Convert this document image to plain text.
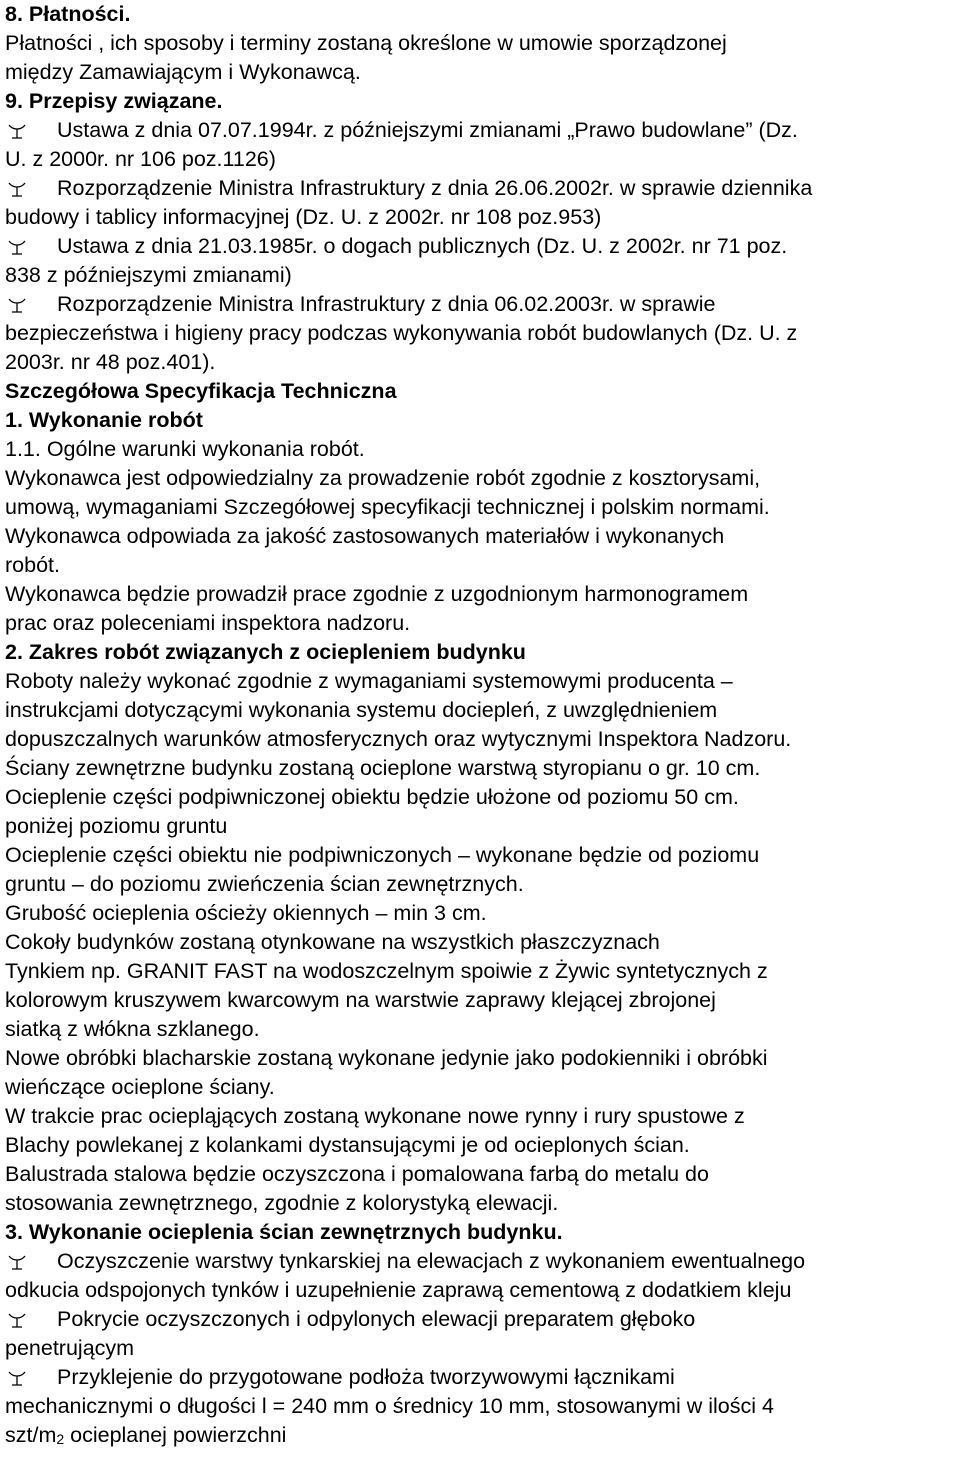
8. Płatności.
Płatności , ich sposoby i terminy zostaną określone w umowie sporządzonej
między Zamawiającym i Wykonawcą.
9. Przepisy związane.
Ustawa z dnia 07.07.1994r. z późniejszymi zmianami „Prawo budowlane” (Dz.
U. z 2000r. nr 106 poz.1126)
Rozporządzenie Ministra Infrastruktury z dnia 26.06.2002r. w sprawie dziennika
budowy i tablicy informacyjnej (Dz. U. z 2002r. nr 108 poz.953)
Ustawa z dnia 21.03.1985r. o dogach publicznych (Dz. U. z 2002r. nr 71 poz.
838 z późniejszymi zmianami)
Rozporządzenie Ministra Infrastruktury z dnia 06.02.2003r. w sprawie
bezpieczeństwa i higieny pracy podczas wykonywania robót budowlanych (Dz. U. z
2003r. nr 48 poz.401).
Szczegółowa Specyfikacja Techniczna
1. Wykonanie robót
1.1. Ogólne warunki wykonania robót.
Wykonawca jest odpowiedzialny za prowadzenie robót zgodnie z kosztorysami,
umową, wymaganiami Szczegółowej specyfikacji technicznej i polskim normami.
Wykonawca odpowiada za jakość zastosowanych materiałów i wykonanych
robót.
Wykonawca będzie prowadził prace zgodnie z uzgodnionym harmonogramem
prac oraz poleceniami inspektora nadzoru.
2. Zakres robót związanych z ociepleniem budynku
Roboty należy wykonać zgodnie z wymaganiami systemowymi producenta –
instrukcjami dotyczącymi wykonania systemu dociepleń, z uwzględnieniem
dopuszczalnych warunków atmosferycznych oraz wytycznymi Inspektora Nadzoru.
Ściany zewnętrzne budynku zostaną ocieplone warstwą styropianu o gr. 10 cm.
Ocieplenie części podpiwniczonej obiektu będzie ułożone od poziomu 50 cm.
poniżej poziomu gruntu
Ocieplenie części obiektu nie podpiwniczonych – wykonane będzie od poziomu
gruntu – do poziomu zwieńczenia ścian zewnętrznych.
Grubość ocieplenia ościeży okiennych – min 3 cm.
Cokoły budynków zostaną otynkowane na wszystkich płaszczyznach
Tynkiem np. GRANIT FAST na wodoszczelnym spoiwie z Żywic syntetycznych z
kolorowym kruszywem kwarcowym na warstwie zaprawy klejącej zbrojonej
siatką z włókna szklanego.
Nowe obróbki blacharskie zostaną wykonane jedynie jako podokienniki i obróbki
wieńczące ocieplone ściany.
W trakcie prac ociepląjących zostaną wykonane nowe rynny i rury spustowe z
Blachy powlekanej z kolankami dystansującymi je od ocieplonych ścian.
Balustrada stalowa będzie oczyszczona i pomalowana farbą do metalu do
stosowania zewnętrznego, zgodnie z kolorystyką elewacji.
3. Wykonanie ocieplenia ścian zewnętrznych budynku.
Oczyszczenie warstwy tynkarskiej na elewacjach z wykonaniem ewentualnego
odkucia odspojonych tynków i uzupełnienie zaprawą cementową z dodatkiem kleju
Pokrycie oczyszczonych i odpylonych elewacji preparatem głęboko
penetrującym
Przyklejenie do przygotowane podłoża tworzywowymi łącznikami
mechanicznymi o długości l = 240 mm o średnicy 10 mm, stosowanymi w ilości 4
szt/$m_2$ ocieplanej powierzchni
